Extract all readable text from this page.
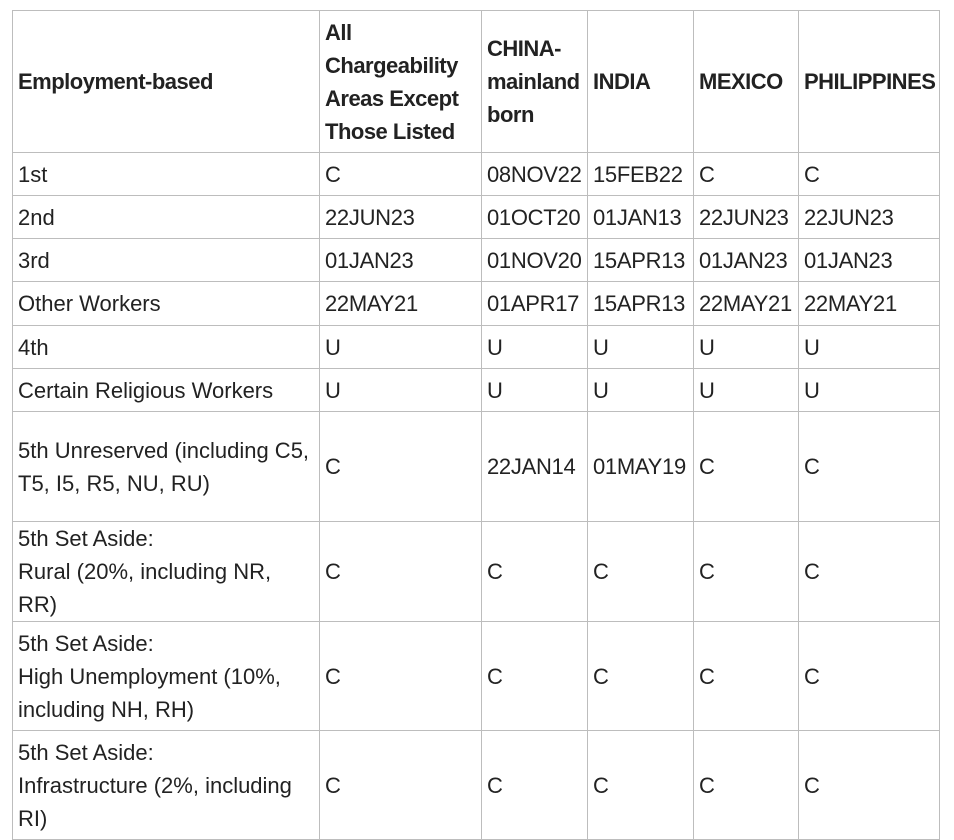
Employment-based	All Chargeability Areas Except Those Listed	CHINA-mainland born	INDIA	MEXICO	PHILIPPINES
1st	C	08NOV22	15FEB22	C	C
2nd	22JUN23	01OCT20	01JAN13	22JUN23	22JUN23
3rd	01JAN23	01NOV20	15APR13	01JAN23	01JAN23
Other Workers	22MAY21	01APR17	15APR13	22MAY21	22MAY21
4th	U	U	U	U	U
Certain Religious Workers	U	U	U	U	U
5th Unreserved (including C5, T5, I5, R5, NU, RU)	C	22JAN14	01MAY19	C	C
5th Set Aside:
Rural (20%, including NR, RR)	C	C	C	C	C
5th Set Aside:
High Unemployment (10%, including NH, RH)	C	C	C	C	C
5th Set Aside:
Infrastructure (2%, including RI)	C	C	C	C	C
